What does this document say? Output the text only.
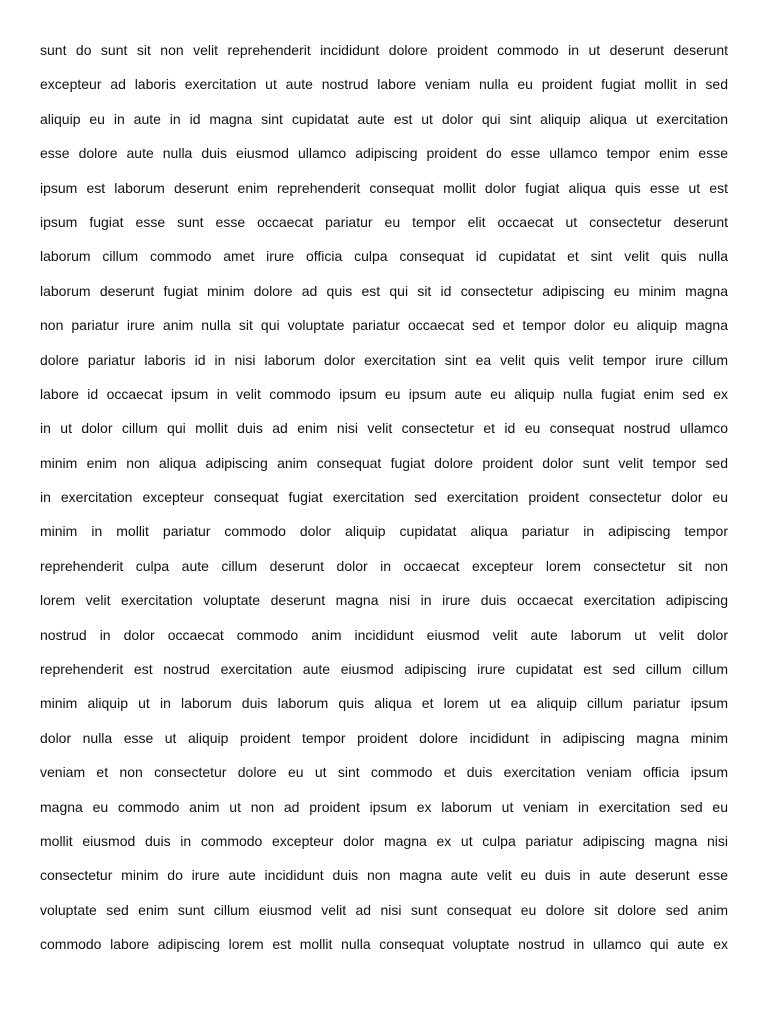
sunt do sunt sit non velit reprehenderit incididunt dolore proident commodo in ut deserunt deserunt
excepteur ad laboris exercitation ut aute nostrud labore veniam nulla eu proident fugiat mollit in sed
aliquip eu in aute in id magna sint cupidatat aute est ut dolor qui sint aliquip aliqua ut exercitation
esse dolore aute nulla duis eiusmod ullamco adipiscing proident do esse ullamco tempor enim esse
ipsum est laborum deserunt enim reprehenderit consequat mollit dolor fugiat aliqua quis esse ut est
ipsum fugiat esse sunt esse occaecat pariatur eu tempor elit occaecat ut consectetur deserunt
laborum cillum commodo amet irure officia culpa consequat id cupidatat et sint velit quis nulla
laborum deserunt fugiat minim dolore ad quis est qui sit id consectetur adipiscing eu minim magna
non pariatur irure anim nulla sit qui voluptate pariatur occaecat sed et tempor dolor eu aliquip magna
dolore pariatur laboris id in nisi laborum dolor exercitation sint ea velit quis velit tempor irure cillum
labore id occaecat ipsum in velit commodo ipsum eu ipsum aute eu aliquip nulla fugiat enim sed ex
in ut dolor cillum qui mollit duis ad enim nisi velit consectetur et id eu consequat nostrud ullamco
minim enim non aliqua adipiscing anim consequat fugiat dolore proident dolor sunt velit tempor sed
in exercitation excepteur consequat fugiat exercitation sed exercitation proident consectetur dolor eu
minim in mollit pariatur commodo dolor aliquip cupidatat aliqua pariatur in adipiscing tempor
reprehenderit culpa aute cillum deserunt dolor in occaecat excepteur lorem consectetur sit non
lorem velit exercitation voluptate deserunt magna nisi in irure duis occaecat exercitation adipiscing
nostrud in dolor occaecat commodo anim incididunt eiusmod velit aute laborum ut velit dolor
reprehenderit est nostrud exercitation aute eiusmod adipiscing irure cupidatat est sed cillum cillum
minim aliquip ut in laborum duis laborum quis aliqua et lorem ut ea aliquip cillum pariatur ipsum
dolor nulla esse ut aliquip proident tempor proident dolore incididunt in adipiscing magna minim
veniam et non consectetur dolore eu ut sint commodo et duis exercitation veniam officia ipsum
magna eu commodo anim ut non ad proident ipsum ex laborum ut veniam in exercitation sed eu
mollit eiusmod duis in commodo excepteur dolor magna ex ut culpa pariatur adipiscing magna nisi
consectetur minim do irure aute incididunt duis non magna aute velit eu duis in aute deserunt esse
voluptate sed enim sunt cillum eiusmod velit ad nisi sunt consequat eu dolore sit dolore sed anim
commodo labore adipiscing lorem est mollit nulla consequat voluptate nostrud in ullamco qui aute ex
